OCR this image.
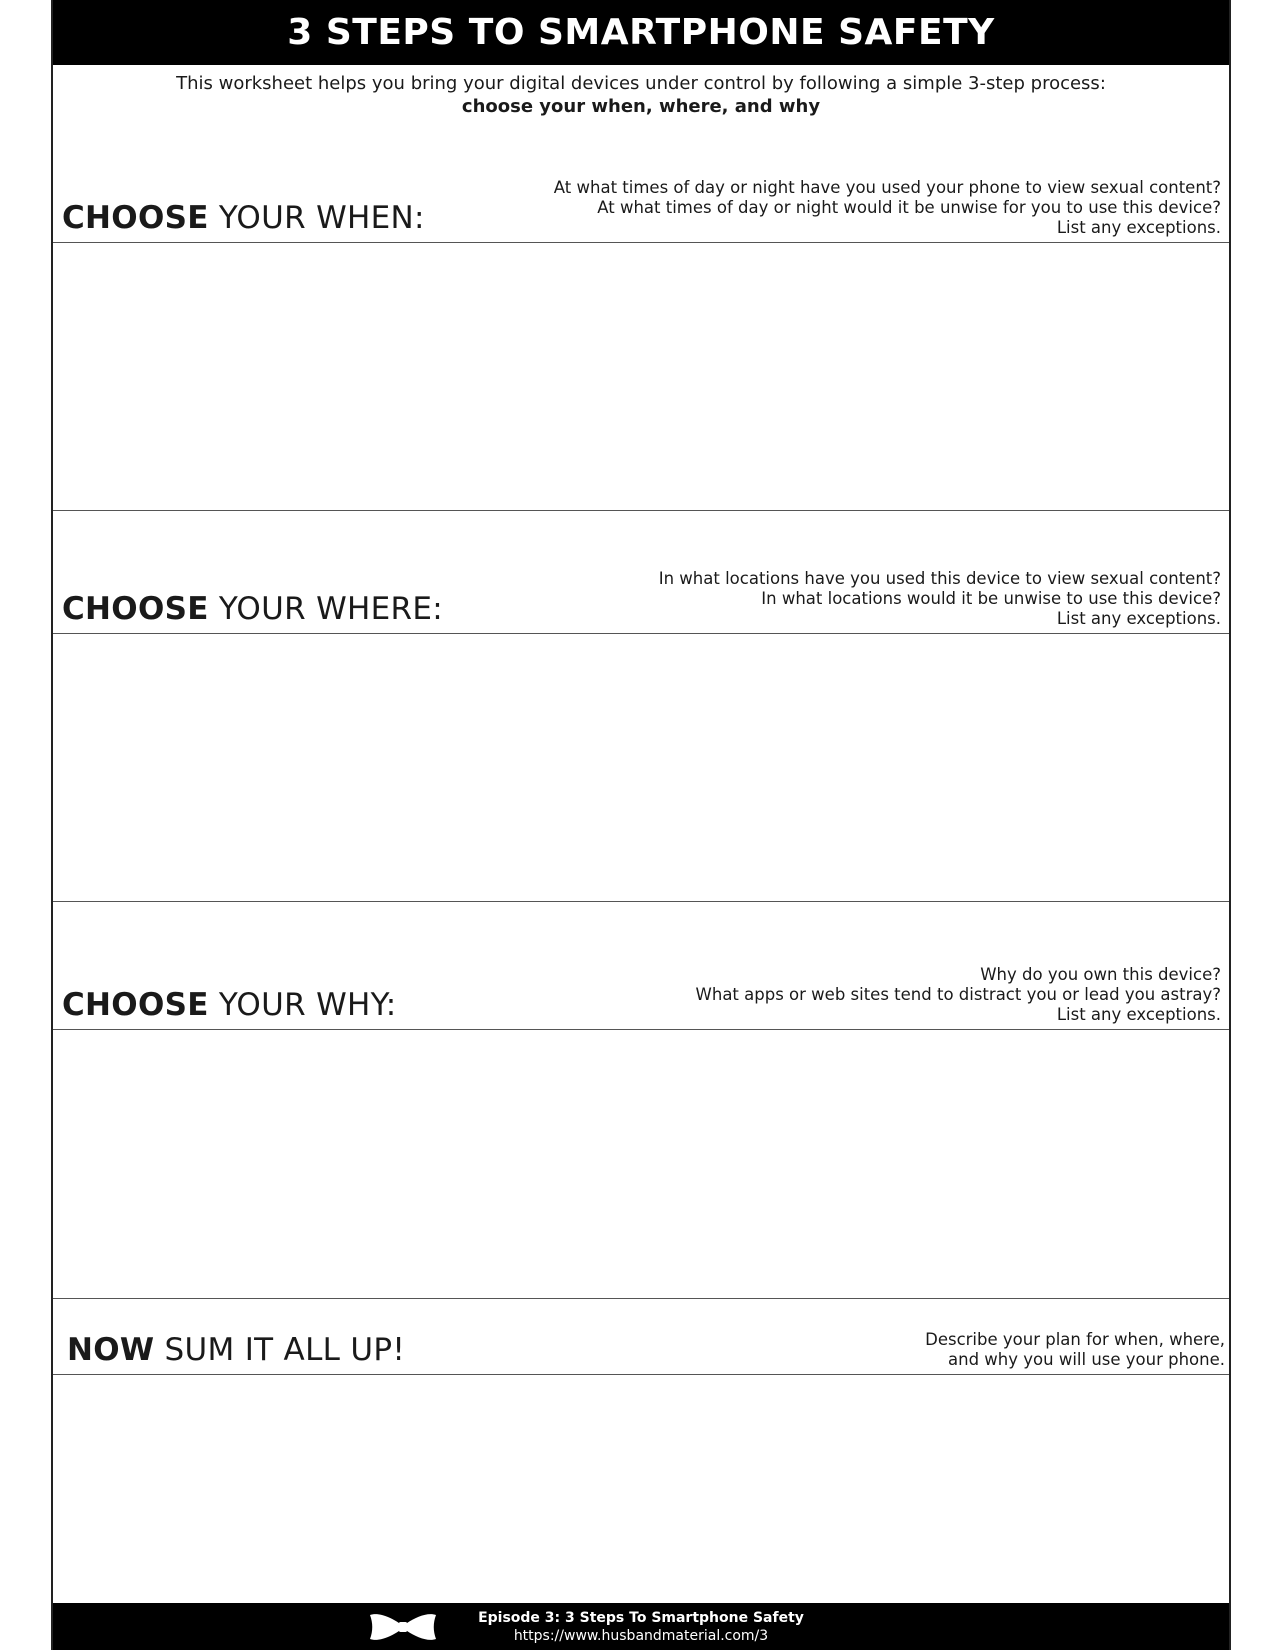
3 STEPS TO SMARTPHONE SAFETY
This worksheet helps you bring your digital devices under control by following a simple 3-step process:
choose your when, where, and why
CHOOSE YOUR WHEN:
At what times of day or night have you used your phone to view sexual content?
At what times of day or night would it be unwise for you to use this device?
List any exceptions.
CHOOSE YOUR WHERE:
In what locations have you used this device to view sexual content?
In what locations would it be unwise to use this device?
List any exceptions.
CHOOSE YOUR WHY:
Why do you own this device?
What apps or web sites tend to distract you or lead you astray?
List any exceptions.
NOW SUM IT ALL UP!	Describe your plan for when, where,
and why you will use your phone.
Episode 3: 3 Steps To Smartphone Safety
https://www.husbandmaterial.com/3
